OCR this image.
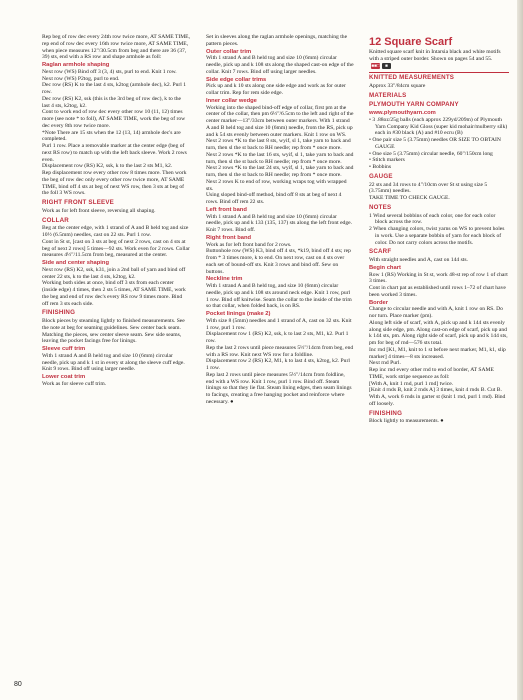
Rep beg of row dec every 24th row twice more, AT SAME TIME, rep end of row dec every 16th row twice more, AT SAME TIME, when piece measures 12"/30.5cm from beg and there are 36 (37, 39) sts, end with a RS row and shape armhole as foll:

Raglan armhole shaping

Next row (WS) Bind off 3 (3, 4) sts, purl to end. Knit 1 row.

Next row (WS) P2tog, purl to end.

Dec row (RS) K to the last 4 sts, k2tog (armhole dec), k2. Purl 1 row.

Dec row (RS) K2, ssk (this is the 3rd beg of row dec), k to the last 4 sts, k2tog, k2.

Cont to work end of row dec every other row 10 (11, 12) times more (see note * to foll), AT SAME TIME, work the beg of row dec every 8th row twice more.

*Note There are 15 sts when the 12 (13, 14) armhole dec's are completed.

Purl 1 row. Place a removable marker at the center edge (beg of next RS row) to match up with the left back sleeve. Work 2 rows even.

Displacement row (RS) K2, ssk, k to the last 2 sts M1, k2.

Rep displacement row every other row 8 times more. Then work the beg of row dec only every other row twice more, AT SAME TIME, bind off 4 sts at beg of next WS row, then 3 sts at beg of the foll 3 WS rows.

RIGHT FRONT SLEEVE

Work as for left front sleeve, reversing all shaping.

COLLAR

Beg at the center edge, with 1 strand of A and B held tog and size 10½ (6.5mm) needles, cast on 22 sts. Purl 1 row.

Cont in St st, [cast on 3 sts at beg of next 2 rows, cast on 4 sts at beg of next 2 rows] 5 times—92 sts. Work even for 2 rows. Collar measures 4½"/11.5cm from beg, measured at the center.

Side and center shaping

Next row (RS) K2, ssk, k31, join a 2nd ball of yarn and bind off center 22 sts, k to the last 4 sts, k2tog, k2.

Working both sides at once, bind off 3 sts from each center (inside edge) 4 times, then 2 sts 5 times, AT SAME TIME, work the beg and end of row dec's every RS row 9 times more. Bind off rem 3 sts each side.

FINISHING

Block pieces by steaming lightly to finished measurements. See the note at beg for seaming guidelines. Sew center back seam. Matching the pieces, sew center sleeve seam. Sew side seams, leaving the pocket facings free for linings.

Sleeve cuff trim

With 1 strand A and B held tog and size 10 (6mm) circular needle, pick up and k 1 st in every st along the sleeve cuff edge. Knit 9 rows. Bind off using larger needle.

Lower coat trim

Work as for sleeve cuff trim.

Set in sleeves along the raglan armhole openings, matching the pattern pieces.

Outer collar trim

With 1 strand A and B held tog and size 10 (6mm) circular needle, pick up and k 108 sts along the shaped cast-on edge of the collar. Knit 7 rows. Bind off using larger needles.

Side edge collar trims

Pick up and k 10 sts along one side edge and work as for outer collar trim. Rep for rem side edge.

Inner collar wedge

Working into the shaped bind-off edge of collar, first pm at the center of the collar, then pm 6½"/6.5cm to the left and right of the center marker—13"/33cm between outer markers. With 1 strand A and B held tog and size 10 (6mm) needle, from the RS, pick up and k 54 sts evenly between outer markers. Knit 1 row on WS.

Next 2 rows *K to the last 8 sts, wyif, sl 1, take yarn to back and turn, then sl the st back to RH needle; rep from * once more.

Next 2 rows *K to the last 16 sts, wyif, sl 1, take yarn to back and turn, then sl the st back to RH needle; rep from * once more.

Next 2 rows *K to the last 24 sts, wyif, sl 1, take yarn to back and turn, then sl the st back to RH needle; rep from * once more.

Next 2 rows K to end of row, working wraps tog with wrapped sts.

Using sloped bind-off method, bind off 8 sts at beg of next 4 rows. Bind off rem 22 sts.

Left front band

With 1 strand A and B held tog and size 10 (6mm) circular needle, pick up and k 133 (135, 137) sts along the left front edge. Knit 7 rows. Bind off.

Right front band

Work as for left front band for 2 rows.

Buttonhole row (WS) K3, bind off 4 sts, *k19, bind off 4 sts; rep from * 3 times more, k to end. On next row, cast on 4 sts over each set of bound-off sts. Knit 3 rows and bind off. Sew on buttons.

Neckline trim

With 1 strand A and B held tog, and size 10 (6mm) circular needle, pick up and k 108 sts around neck edge. Knit 1 row, purl 1 row. Bind off knitwise. Seam the collar to the inside of the trim so that collar, when folded back, is on RS.

Pocket linings (make 2)

With size 8 (5mm) needles and 1 strand of A, cast on 32 sts. Knit 1 row, purl 1 row.

Displacement row 1 (RS) K2, ssk, k to last 2 sts, M1, k2. Purl 1 row.

Rep the last 2 rows until piece measures 5½"/14cm from beg, end with a RS row. Knit next WS row for a foldline.

Displacement row 2 (RS) K2, M1, k to last 4 sts, k2tog, k2. Purl 1 row.

Rep last 2 rows until piece measures 5½"/14cm from foldline, end with a WS row. Knit 1 row, purl 1 row. Bind off. Steam linings so that they lie flat. Steam lining edges, then seam linings to facings, creating a free hanging pocket and reinforce where necessary. ●

12 Square Scarf

Knitted square scarf knit in Intarsia black and white motifs with a striped outer border. Shown on pages 54 and 55.
■■□	■

KNITTED MEASUREMENTS

Approx 33"/84cm square

MATERIALS
PLYMOUTH YARN COMPANY
www.plymouthyarn.com

• 3 .88oz/25g balls (each approx 229yd/209m) of Plymouth Yarn Company Kid Gloss (super kid mohair/mulberry silk) each in #30 black (A) and #10 ecru (B)

• One pair size 5 (3.75mm) needles OR SIZE TO OBTAIN GAUGE

• One size 5 (3.75mm) circular needle, 60"/150cm long

• Stitch markers

• Bobbins

GAUGE

22 sts and 34 rows to 4"/10cm over St st using size 5 (3.75mm) needles.

TAKE TIME TO CHECK GAUGE.

NOTES

1 Wind several bobbins of each color, one for each color block across the row.

2 When changing colors, twist yarns on WS to prevent holes in work. Use a separate bobbin of yarn for each block of color. Do not carry colors across the motifs.

SCARF

With straight needles and A, cast on 144 sts.

Begin chart

Row 1 (RS) Working in St st, work 48-st rep of row 1 of chart 3 times.

Cont in chart pat as established until rows 1–72 of chart have been worked 3 times.

Border

Change to circular needle and with A, knit 1 row on RS. Do nor turn. Place marker (pm).

Along left side of scarf, with A, pick up and k 144 sts evenly along side edge, pm. Along cast-on edge of scarf, pick up and k 144 sts, pm. Along right side of scarf, pick up and k 144 sts, pm for beg of rnd—576 sts total.

Inc rnd [K1, M1, knit to 1 st before next marker, M1, k1, slip marker] 4 times—8 sts increased.

Next rnd Purl.

Rep inc rnd every other rnd to end of border, AT SAME TIME, work stripe sequence as foll:

[With A, knit 1 rnd, purl 1 rnd] twice.

[Knit 4 rnds B, knit 2 rnds A] 3 times, knit 4 rnds B. Cut B.

With A, work 6 rnds in garter st (knit 1 rnd, purl 1 rnd). Bind off loosely.

FINISHING

Block lightly to measurements. ●

80
